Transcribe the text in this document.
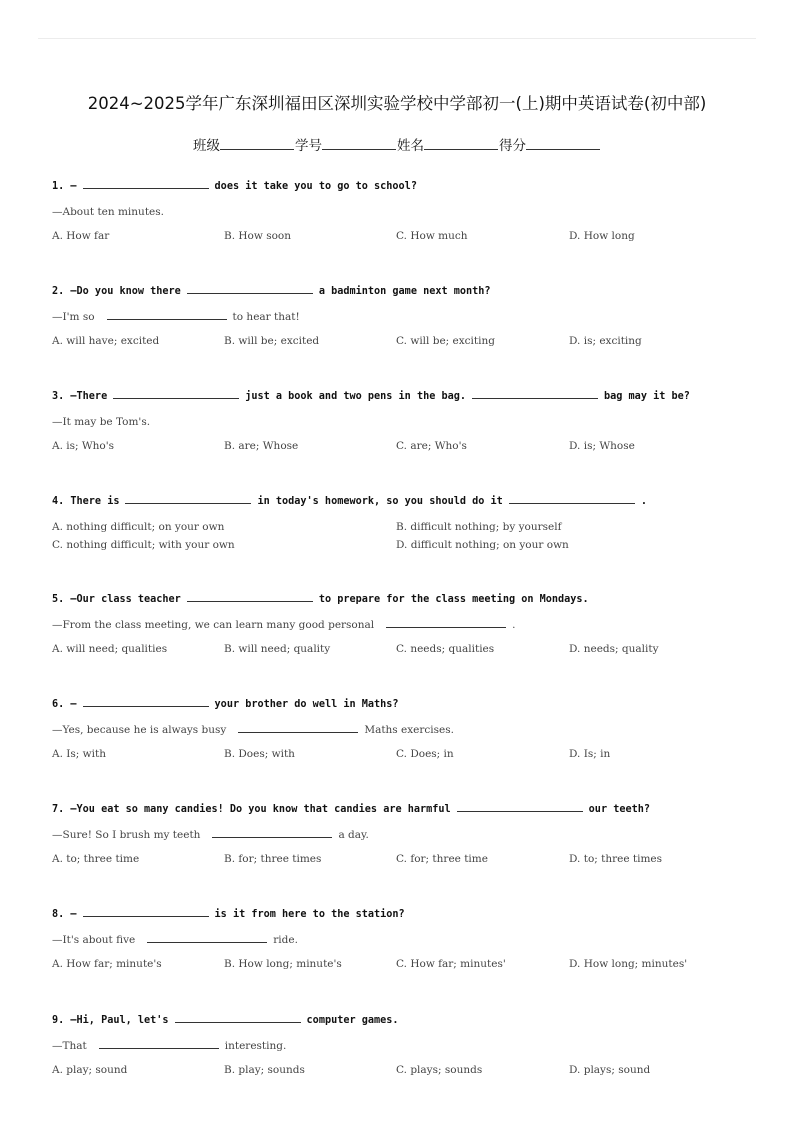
2024~2025学年广东深圳福田区深圳实验学校中学部初一(上)期中英语试卷(初中部)
班级	学号	姓名	得分
1. —	does it take you to go to school?
—About ten minutes.
A. How far	B. How soon	C. How much	D. How long
2. —Do you know there	a badminton game next month?
—I'm so	to hear that!
A. will have; excited	B. will be; excited	C. will be; exciting	D. is; exciting
3. —There	just a book and two pens in the bag.	bag may it be?
—It may be Tom's.
A. is; Who's	B. are; Whose	C. are; Who's	D. is; Whose
4. There is	in today's homework, so you should do it	.
A. nothing difficult; on your own	B. difficult nothing; by yourself
C. nothing difficult; with your own	D. difficult nothing; on your own
5. —Our class teacher	to prepare for the class meeting on Mondays.
—From the class meeting, we can learn many good personal	.
A. will need; qualities	B. will need; quality	C. needs; qualities	D. needs; quality
6. —	your brother do well in Maths?
—Yes, because he is always busy	Maths exercises.
A. Is; with	B. Does; with	C. Does; in	D. Is; in
7. —You eat so many candies! Do you know that candies are harmful	our teeth?
—Sure! So I brush my teeth	a day.
A. to; three time	B. for; three times	C. for; three time	D. to; three times
8. —	is it from here to the station?
—It's about five	ride.
A. How far; minute's	B. How long; minute's	C. How far; minutes'	D. How long; minutes'
9. —Hi, Paul, let's	computer games.
—That	interesting.
A. play; sound	B. play; sounds	C. plays; sounds	D. plays; sound
